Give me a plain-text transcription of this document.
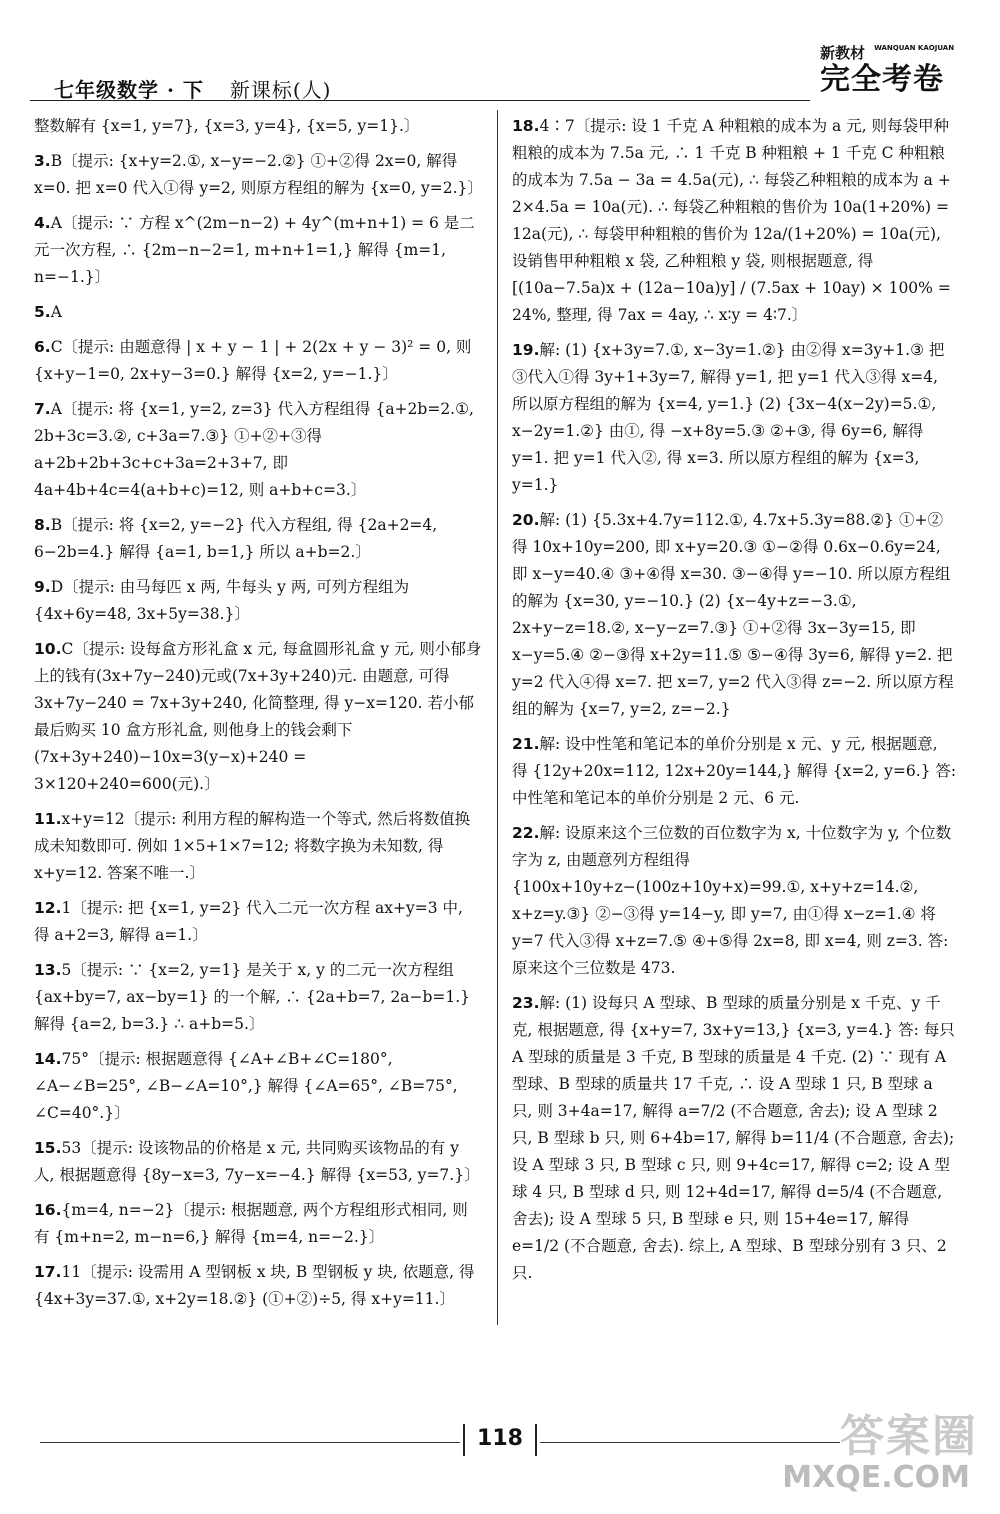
七年级数学 · 下 新课标(人)
新教材 WANQUAN KAOJUAN
完全考卷
整数解有 {x=1, y=7}, {x=3, y=4}, {x=5, y=1}.〕
3.B〔提示: {x+y=2.①, x−y=−2.②} ①+②得 2x=0, 解得 x=0. 把 x=0 代入①得 y=2, 则原方程组的解为 {x=0, y=2.}〕
4.A〔提示: ∵ 方程 x^(2m−n−2) + 4y^(m+n+1) = 6 是二元一次方程, ∴ {2m−n−2=1, m+n+1=1,} 解得 {m=1, n=−1.}〕
5.A
6.C〔提示: 由题意得 | x + y − 1 | + 2(2x + y − 3)² = 0, 则 {x+y−1=0, 2x+y−3=0.} 解得 {x=2, y=−1.}〕
7.A〔提示: 将 {x=1, y=2, z=3} 代入方程组得 {a+2b=2.①, 2b+3c=3.②, c+3a=7.③} ①+②+③得 a+2b+2b+3c+c+3a=2+3+7, 即 4a+4b+4c=4(a+b+c)=12, 则 a+b+c=3.〕
8.B〔提示: 将 {x=2, y=−2} 代入方程组, 得 {2a+2=4, 6−2b=4.} 解得 {a=1, b=1,} 所以 a+b=2.〕
9.D〔提示: 由马每匹 x 两, 牛每头 y 两, 可列方程组为 {4x+6y=48, 3x+5y=38.}〕
10.C〔提示: 设每盒方形礼盒 x 元, 每盒圆形礼盒 y 元, 则小郁身上的钱有(3x+7y−240)元或(7x+3y+240)元. 由题意, 可得 3x+7y−240 = 7x+3y+240, 化简整理, 得 y−x=120. 若小郁最后购买 10 盒方形礼盒, 则他身上的钱会剩下(7x+3y+240)−10x=3(y−x)+240 = 3×120+240=600(元).〕
11.x+y=12〔提示: 利用方程的解构造一个等式, 然后将数值换成未知数即可. 例如 1×5+1×7=12; 将数字换为未知数, 得 x+y=12. 答案不唯一.〕
12.1〔提示: 把 {x=1, y=2} 代入二元一次方程 ax+y=3 中, 得 a+2=3, 解得 a=1.〕
13.5〔提示: ∵ {x=2, y=1} 是关于 x, y 的二元一次方程组 {ax+by=7, ax−by=1} 的一个解, ∴ {2a+b=7, 2a−b=1.} 解得 {a=2, b=3.} ∴ a+b=5.〕
14.75°〔提示: 根据题意得 {∠A+∠B+∠C=180°, ∠A−∠B=25°, ∠B−∠A=10°,} 解得 {∠A=65°, ∠B=75°, ∠C=40°.}〕
15.53〔提示: 设该物品的价格是 x 元, 共同购买该物品的有 y 人, 根据题意得 {8y−x=3, 7y−x=−4.} 解得 {x=53, y=7.}〕
16.{m=4, n=−2}〔提示: 根据题意, 两个方程组形式相同, 则有 {m+n=2, m−n=6,} 解得 {m=4, n=−2.}〕
17.11〔提示: 设需用 A 型钢板 x 块, B 型钢板 y 块, 依题意, 得 {4x+3y=37.①, x+2y=18.②} (①+②)÷5, 得 x+y=11.〕
18.4∶7〔提示: 设 1 千克 A 种粗粮的成本为 a 元, 则每袋甲种粗粮的成本为 7.5a 元, ∴ 1 千克 B 种粗粮 + 1 千克 C 种粗粮的成本为 7.5a − 3a = 4.5a(元), ∴ 每袋乙种粗粮的成本为 a + 2×4.5a = 10a(元). ∴ 每袋乙种粗粮的售价为 10a(1+20%) = 12a(元), ∴ 每袋甲种粗粮的售价为 12a/(1+20%) = 10a(元), 设销售甲种粗粮 x 袋, 乙种粗粮 y 袋, 则根据题意, 得 [(10a−7.5a)x + (12a−10a)y] / (7.5ax + 10ay) × 100% = 24%, 整理, 得 7ax = 4ay, ∴ x∶y = 4∶7.〕
19.解: (1) {x+3y=7.①, x−3y=1.②} 由②得 x=3y+1.③ 把③代入①得 3y+1+3y=7, 解得 y=1, 把 y=1 代入③得 x=4, 所以原方程组的解为 {x=4, y=1.} (2) {3x−4(x−2y)=5.①, x−2y=1.②} 由①, 得 −x+8y=5.③ ②+③, 得 6y=6, 解得 y=1. 把 y=1 代入②, 得 x=3. 所以原方程组的解为 {x=3, y=1.}
20.解: (1) {5.3x+4.7y=112.①, 4.7x+5.3y=88.②} ①+②得 10x+10y=200, 即 x+y=20.③ ①−②得 0.6x−0.6y=24, 即 x−y=40.④ ③+④得 x=30. ③−④得 y=−10. 所以原方程组的解为 {x=30, y=−10.} (2) {x−4y+z=−3.①, 2x+y−z=18.②, x−y−z=7.③} ①+②得 3x−3y=15, 即 x−y=5.④ ②−③得 x+2y=11.⑤ ⑤−④得 3y=6, 解得 y=2. 把 y=2 代入④得 x=7. 把 x=7, y=2 代入③得 z=−2. 所以原方程组的解为 {x=7, y=2, z=−2.}
21.解: 设中性笔和笔记本的单价分别是 x 元、y 元, 根据题意, 得 {12y+20x=112, 12x+20y=144,} 解得 {x=2, y=6.} 答: 中性笔和笔记本的单价分别是 2 元、6 元.
22.解: 设原来这个三位数的百位数字为 x, 十位数字为 y, 个位数字为 z, 由题意列方程组得 {100x+10y+z−(100z+10y+x)=99.①, x+y+z=14.②, x+z=y.③} ②−③得 y=14−y, 即 y=7, 由①得 x−z=1.④ 将 y=7 代入③得 x+z=7.⑤ ④+⑤得 2x=8, 即 x=4, 则 z=3. 答: 原来这个三位数是 473.
23.解: (1) 设每只 A 型球、B 型球的质量分别是 x 千克、y 千克, 根据题意, 得 {x+y=7, 3x+y=13,} {x=3, y=4.} 答: 每只 A 型球的质量是 3 千克, B 型球的质量是 4 千克. (2) ∵ 现有 A 型球、B 型球的质量共 17 千克, ∴ 设 A 型球 1 只, B 型球 a 只, 则 3+4a=17, 解得 a=7/2 (不合题意, 舍去); 设 A 型球 2 只, B 型球 b 只, 则 6+4b=17, 解得 b=11/4 (不合题意, 舍去); 设 A 型球 3 只, B 型球 c 只, 则 9+4c=17, 解得 c=2; 设 A 型球 4 只, B 型球 d 只, 则 12+4d=17, 解得 d=5/4 (不合题意, 舍去); 设 A 型球 5 只, B 型球 e 只, 则 15+4e=17, 解得 e=1/2 (不合题意, 舍去). 综上, A 型球、B 型球分别有 3 只、2 只.
118	答案圈
MXQE.COM
